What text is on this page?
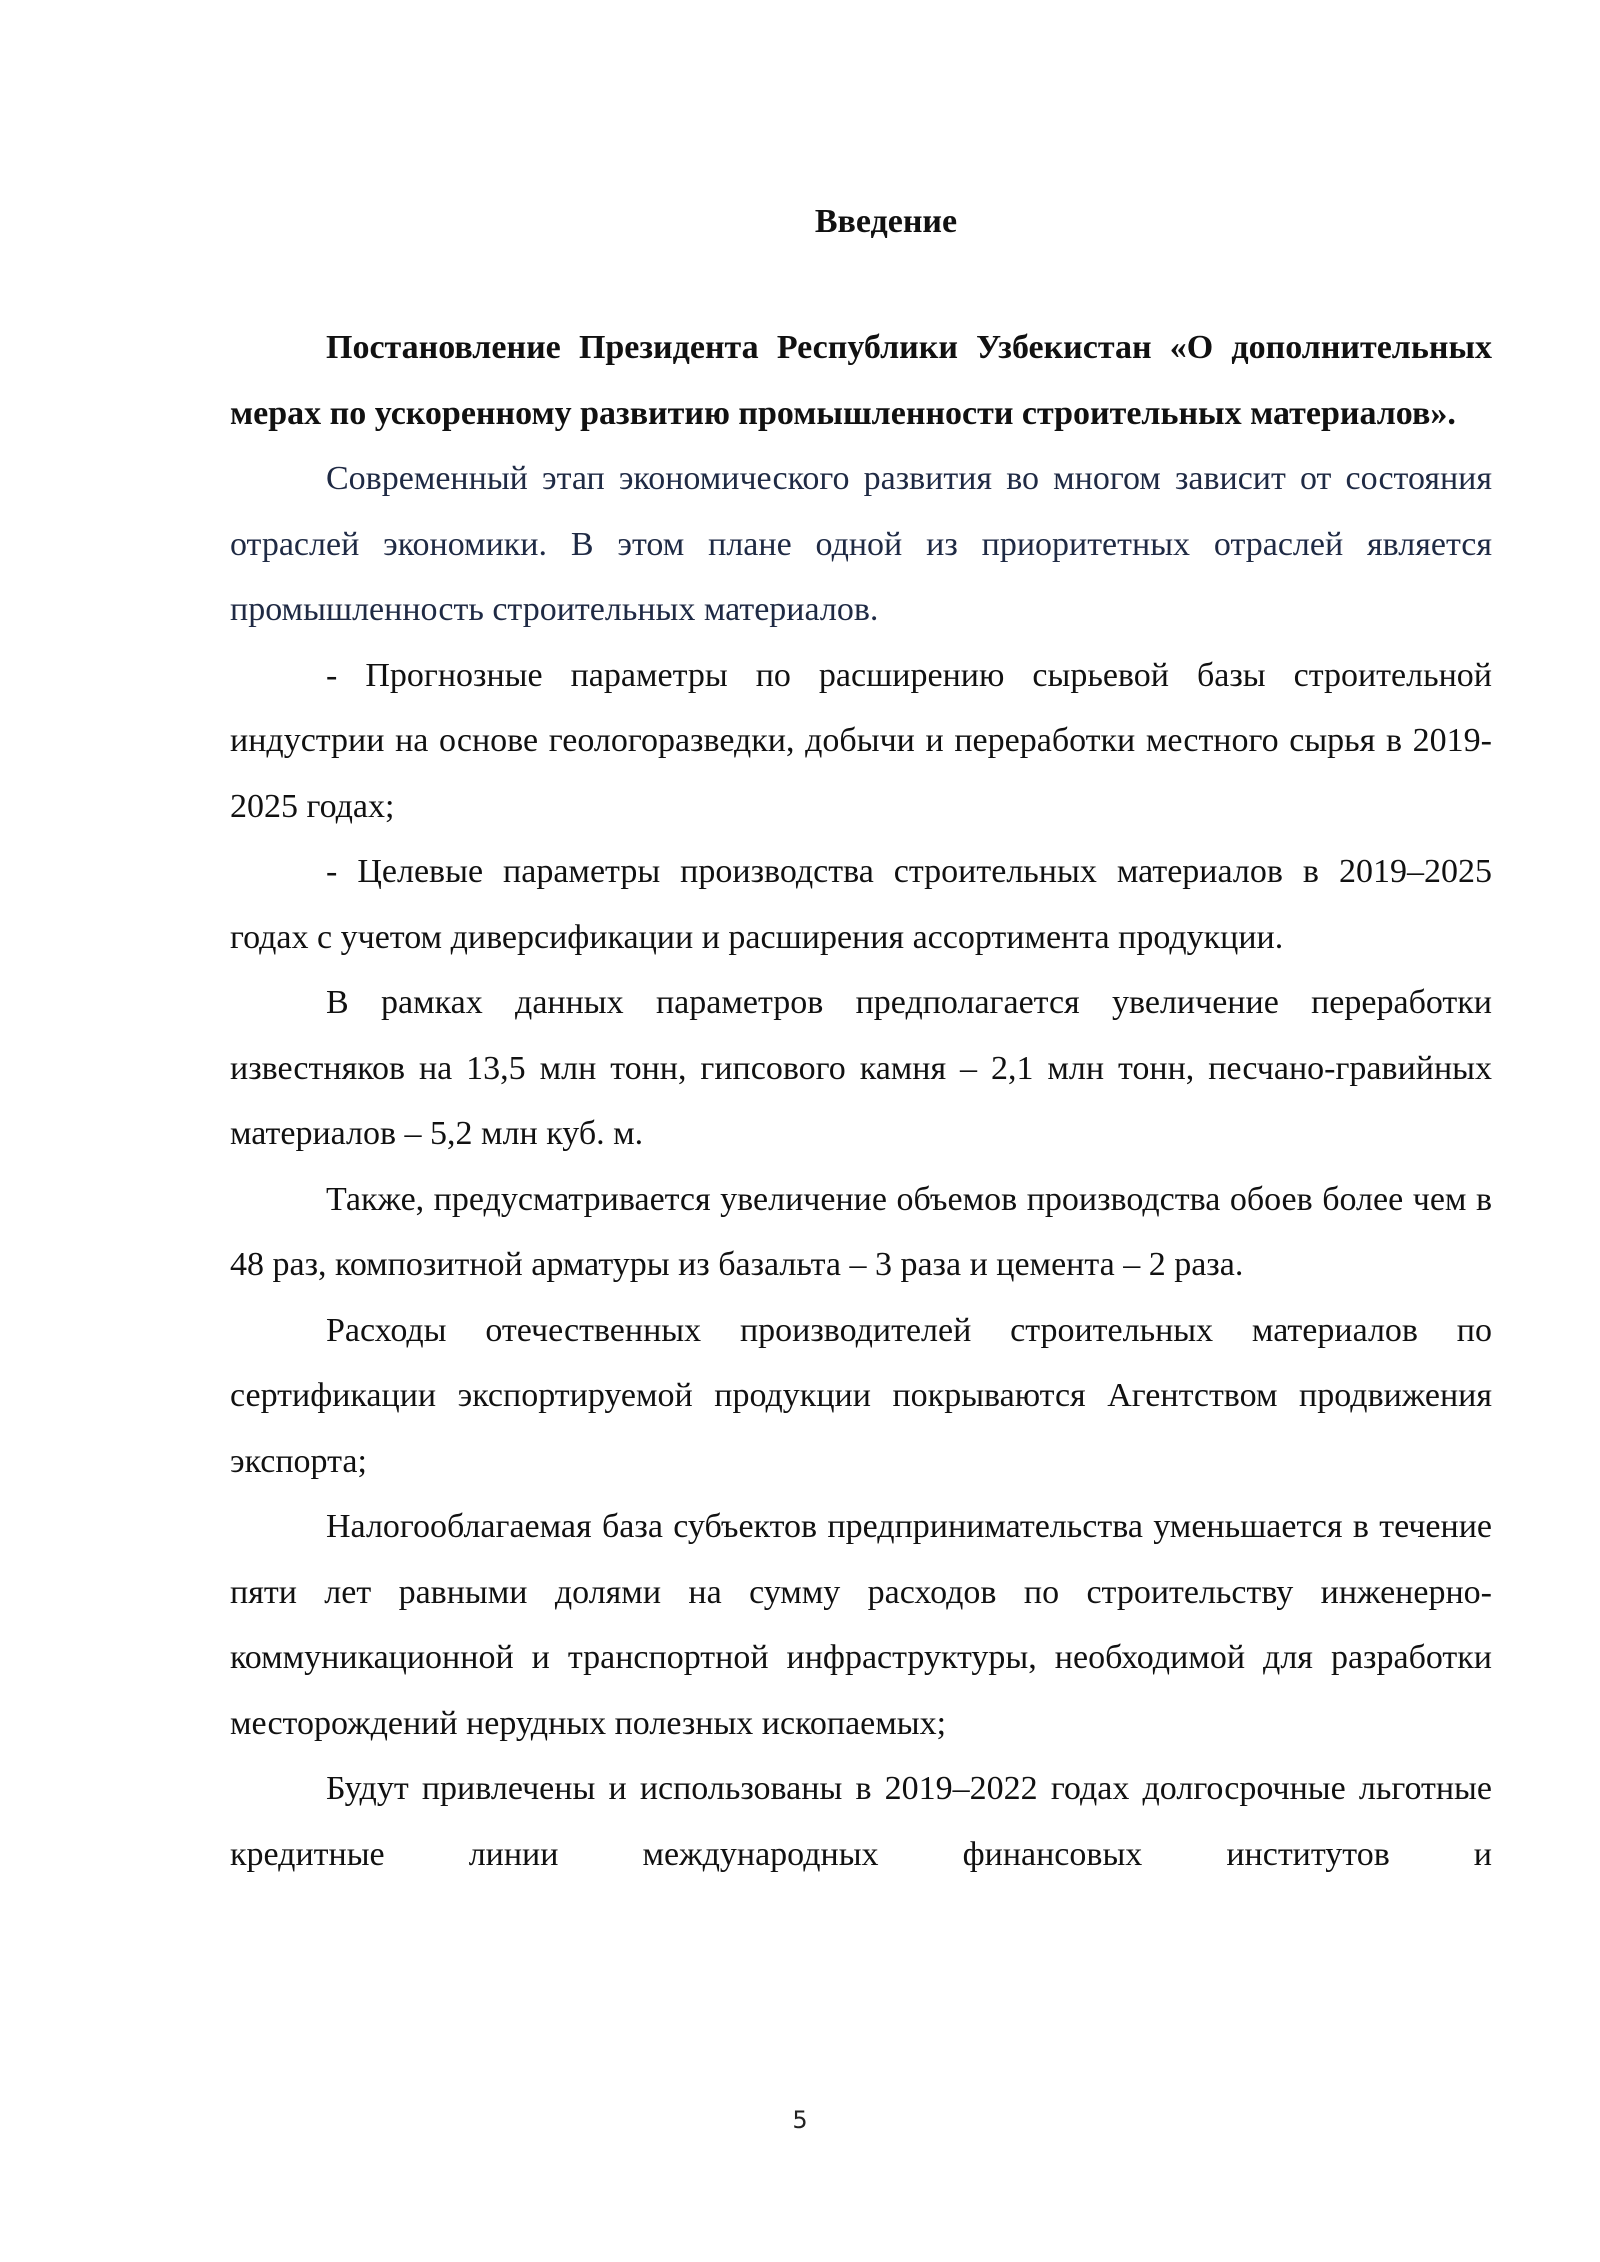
Введение

Постановление Президента Республики Узбекистан «О дополнительных мерах по ускоренному развитию промышленности строительных материалов».

Современный этап экономического развития во многом зависит от состояния отраслей экономики. В этом плане одной из приоритетных отраслей является промышленность строительных материалов.

- Прогнозные параметры по расширению сырьевой базы строительной индустрии на основе геологоразведки, добычи и переработки местного сырья в 2019-2025 годах;

- Целевые параметры производства строительных материалов в 2019–2025 годах с учетом диверсификации и расширения ассортимента продукции.

В рамках данных параметров предполагается увеличение переработки известняков на 13,5 млн тонн, гипсового камня – 2,1 млн тонн, песчано-гравийных материалов – 5,2 млн куб. м.

Также, предусматривается увеличение объемов производства обоев более чем в 48 раз, композитной арматуры из базальта – 3 раза и цемента – 2 раза.

Расходы отечественных производителей строительных материалов по сертификации экспортируемой продукции покрываются Агентством продвижения экспорта;

Налогооблагаемая база субъектов предпринимательства уменьшается в течение пяти лет равными долями на сумму расходов по строительству инженерно-коммуникационной и транспортной инфраструктуры, необходимой для разработки месторождений нерудных полезных ископаемых;

Будут привлечены и использованы в 2019–2022 годах долгосрочные льготные кредитные линии международных финансовых институтов и

5
